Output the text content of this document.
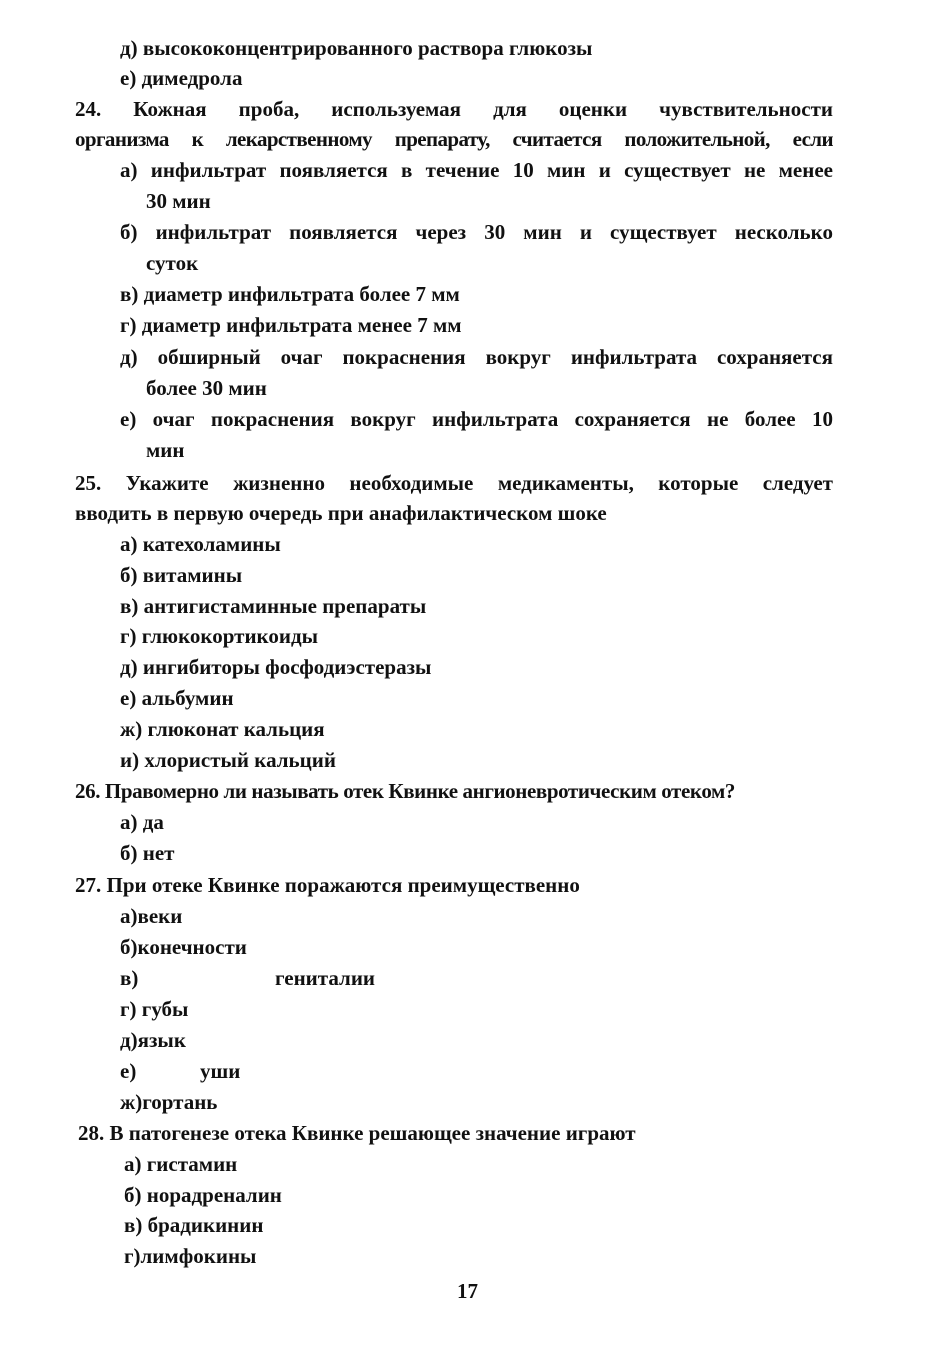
д) высококонцентрированного раствора глюкозы
е) димедрола
24. Кожная проба, используемая для оценки чувствительности
организма к лекарственному препарату, считается положительной, если
а) инфильтрат появляется в течение 10 мин и существует не менее
30 мин
б) инфильтрат появляется через 30 мин и существует несколько
суток
в) диаметр инфильтрата более 7 мм
г) диаметр инфильтрата менее 7 мм
д) обширный очаг покраснения вокруг инфильтрата сохраняется
более 30 мин
е) очаг покраснения вокруг инфильтрата сохраняется не более 10
мин
25. Укажите жизненно необходимые медикаменты, которые следует
вводить в первую очередь при анафилактическом шоке
а) катехоламины
б) витамины
в) антигистаминные препараты
г) глюкокортикоиды
д) ингибиторы фосфодиэстеразы
е) альбумин
ж) глюконат кальция
и) хлористый кальций
26. Правомерно ли называть отек Квинке ангионевротическим отеком?
а) да
б) нет
27. При отеке Квинке поражаются преимущественно
а)веки
б)конечности
в)	гениталии
г) губы
д)язык
е)	уши
ж)гортань
28. В патогенезе отека Квинке решающее значение играют
а) гистамин
б) норадреналин
в) брадикинин
г)лимфокины
17
